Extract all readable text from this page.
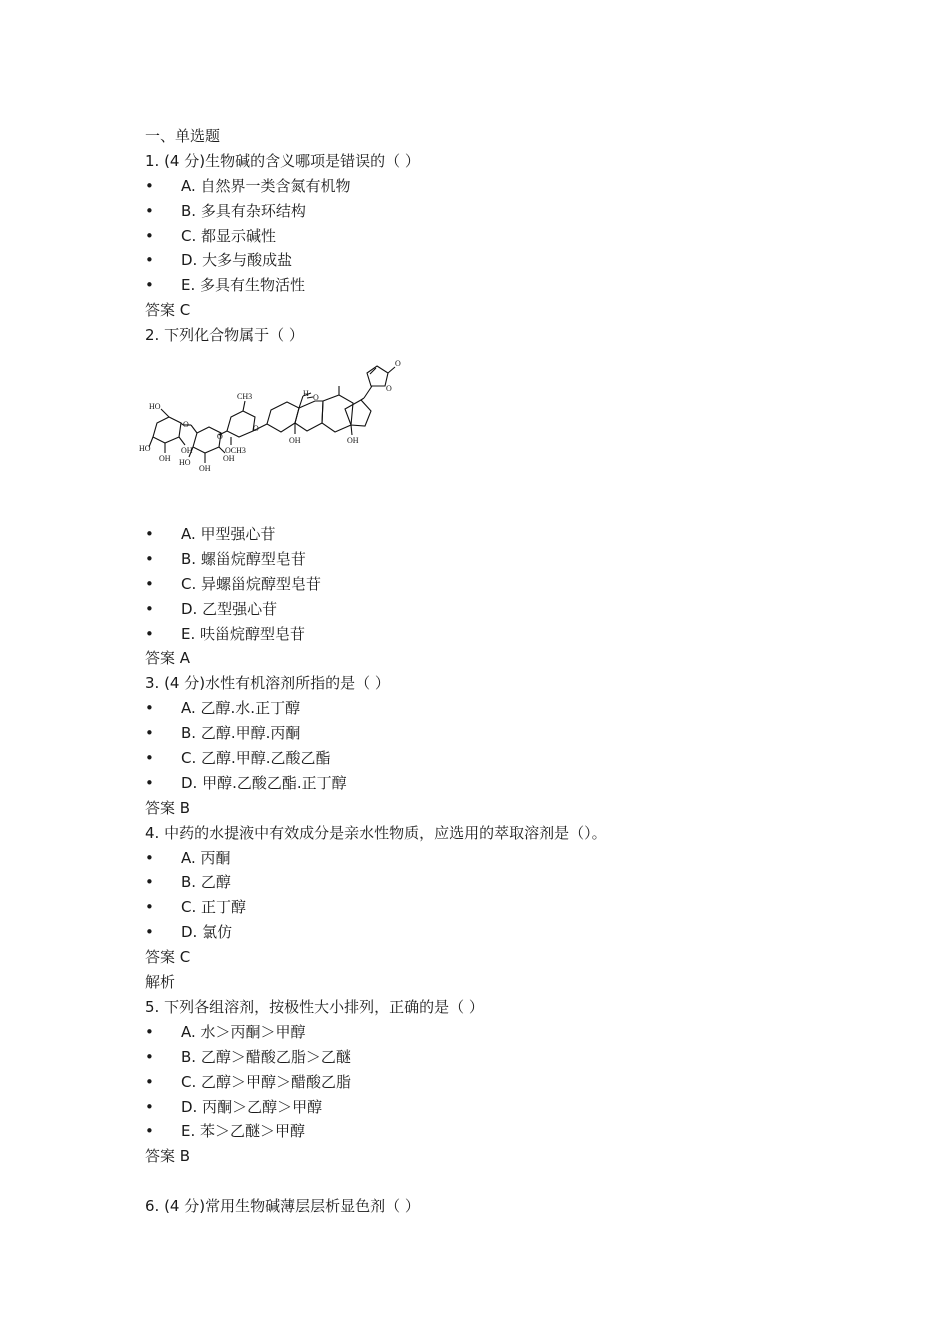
一、单选题
1. (4 分)生物碱的含义哪项是错误的（ ）
• A. 自然界一类含氮有机物
• B. 多具有杂环结构
• C. 都显示碱性
• D. 大多与酸成盐
• E. 多具有生物活性
答案 C
2. 下列化合物属于（ ）
O
O
H O
OH
OH
CH3
OCH3
O
O
O
HO
HO
OH
OH
HO
OH
OH
• A. 甲型强心苷
• B. 螺甾烷醇型皂苷
• C. 异螺甾烷醇型皂苷
• D. 乙型强心苷
• E. 呋甾烷醇型皂苷
答案 A
3. (4 分)水性有机溶剂所指的是（ ）
• A. 乙醇.水.正丁醇
• B. 乙醇.甲醇.丙酮
• C. 乙醇.甲醇.乙酸乙酯
• D. 甲醇.乙酸乙酯.正丁醇
答案 B
4. 中药的水提液中有效成分是亲水性物质，应选用的萃取溶剂是（）。
• A. 丙酮
• B. 乙醇
• C. 正丁醇
• D. 氯仿
答案 C
解析
5. 下列各组溶剂，按极性大小排列，正确的是（ ）
• A. 水＞丙酮＞甲醇
• B. 乙醇＞醋酸乙脂＞乙醚
• C. 乙醇＞甲醇＞醋酸乙脂
• D. 丙酮＞乙醇＞甲醇
• E. 苯＞乙醚＞甲醇
答案 B
6. (4 分)常用生物碱薄层层析显色剂（ ）
